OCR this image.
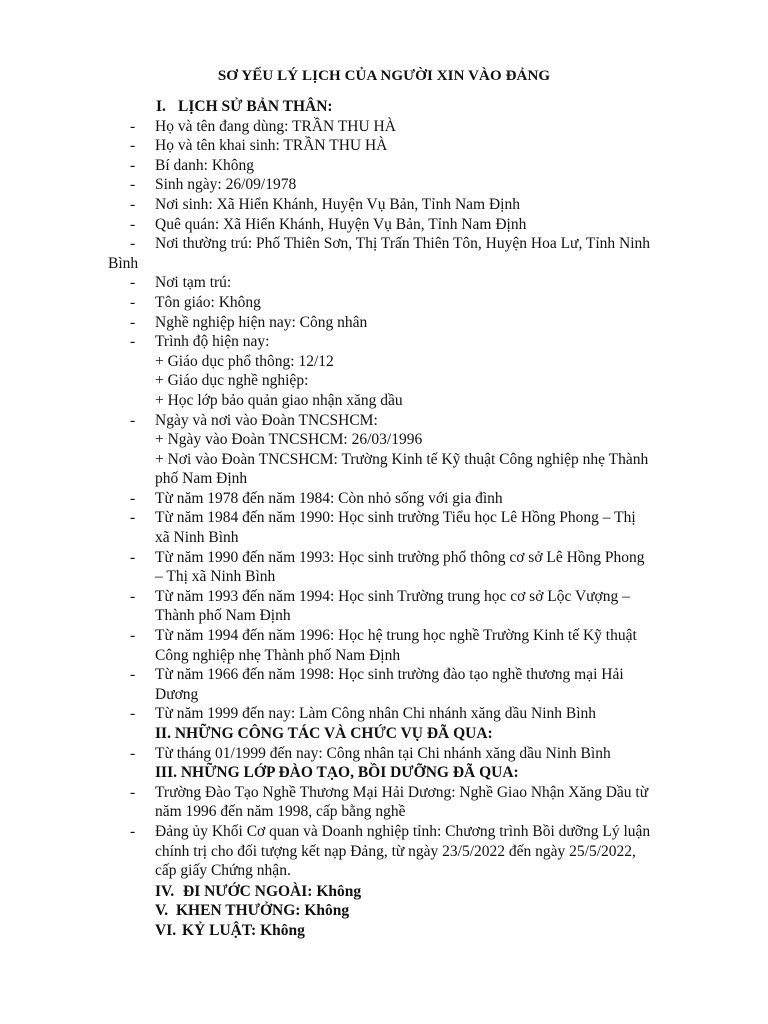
SƠ YẾU LÝ LỊCH CỦA NGƯỜI XIN VÀO ĐẢNG
I. LỊCH SỬ BẢN THÂN:
- Họ và tên đang dùng: TRẦN THU HÀ
- Họ và tên khai sinh: TRẦN THU HÀ
- Bí danh: Không
- Sinh ngày: 26/09/1978
- Nơi sinh: Xã Hiển Khánh, Huyện Vụ Bản, Tỉnh Nam Định
- Quê quán: Xã Hiển Khánh, Huyện Vụ Bản, Tỉnh Nam Định
- Nơi thường trú: Phố Thiên Sơn, Thị Trấn Thiên Tôn, Huyện Hoa Lư, Tỉnh Ninh
Bình
- Nơi tạm trú:
- Tôn giáo: Không
- Nghề nghiệp hiện nay: Công nhân
- Trình độ hiện nay:
+ Giáo dục phổ thông: 12/12
+ Giáo dục nghề nghiệp:
+ Học lớp bảo quản giao nhận xăng dầu
- Ngày và nơi vào Đoàn TNCSHCM:
+ Ngày vào Đoàn TNCSHCM: 26/03/1996
+ Nơi vào Đoàn TNCSHCM: Trường Kinh tế Kỹ thuật Công nghiệp nhẹ Thành
phố Nam Định
- Từ năm 1978 đến năm 1984: Còn nhỏ sống với gia đình
- Từ năm 1984 đến năm 1990: Học sinh trường Tiểu học Lê Hồng Phong – Thị
xã Ninh Bình
- Từ năm 1990 đến năm 1993: Học sinh trường phổ thông cơ sở Lê Hồng Phong
– Thị xã Ninh Bình
- Từ năm 1993 đến năm 1994: Học sinh Trường trung học cơ sở Lộc Vượng –
Thành phố Nam Định
- Từ năm 1994 đến năm 1996: Học hệ trung học nghề Trường Kinh tế Kỹ thuật
Công nghiệp nhẹ Thành phố Nam Định
- Từ năm 1966 đến năm 1998: Học sinh trường đào tạo nghề thương mại Hải
Dương
- Từ năm 1999 đến nay: Làm Công nhân Chi nhánh xăng dầu Ninh Bình
II. NHỮNG CÔNG TÁC VÀ CHỨC VỤ ĐÃ QUA:
- Từ tháng 01/1999 đến nay: Công nhân tại Chi nhánh xăng dầu Ninh Bình
III. NHỮNG LỚP ĐÀO TẠO, BỒI DƯỠNG ĐÃ QUA:
- Trường Đào Tạo Nghề Thương Mại Hải Dương: Nghề Giao Nhận Xăng Dầu từ
năm 1996 đến năm 1998, cấp bằng nghề
- Đảng ủy Khối Cơ quan và Doanh nghiệp tỉnh: Chương trình Bồi dưỡng Lý luận
chính trị cho đối tượng kết nạp Đảng, từ ngày 23/5/2022 đến ngày 25/5/2022,
cấp giấy Chứng nhận.
IV. ĐI NƯỚC NGOÀI: Không
V. KHEN THƯỞNG: Không
VI. KỶ LUẬT: Không
